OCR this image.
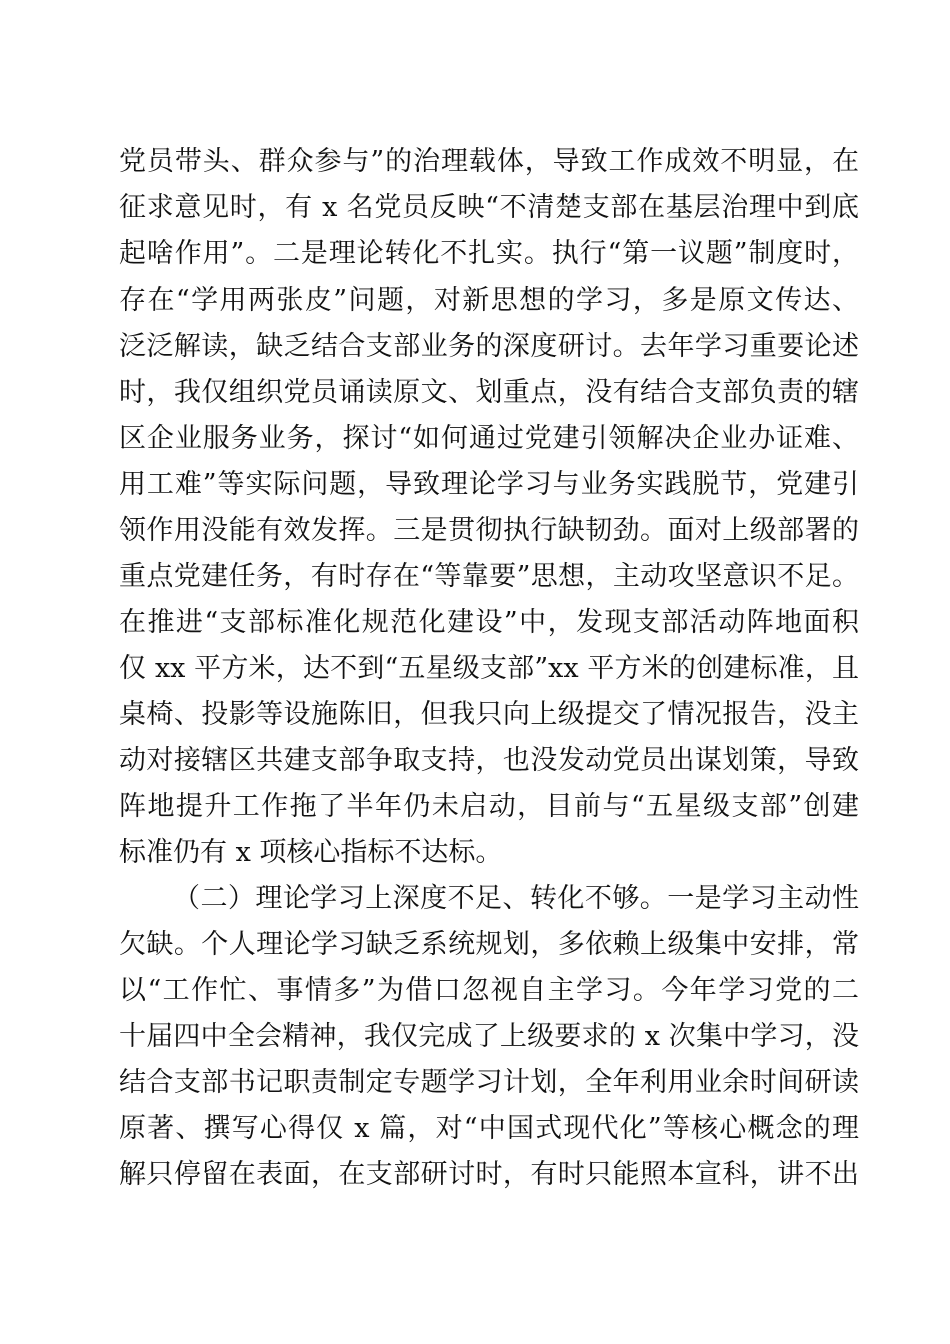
党员带头、群众参与”的治理载体，导致工作成效不明显，在
征求意见时，有 x 名党员反映“不清楚支部在基层治理中到底
起啥作用”。二是理论转化不扎实。执行“第一议题”制度时，
存在“学用两张皮”问题，对新思想的学习，多是原文传达、
泛泛解读，缺乏结合支部业务的深度研讨。去年学习重要论述
时，我仅组织党员诵读原文、划重点，没有结合支部负责的辖
区企业服务业务，探讨“如何通过党建引领解决企业办证难、
用工难”等实际问题，导致理论学习与业务实践脱节，党建引
领作用没能有效发挥。三是贯彻执行缺韧劲。面对上级部署的
重点党建任务，有时存在“等靠要”思想，主动攻坚意识不足。
在推进“支部标准化规范化建设”中，发现支部活动阵地面积
仅 xx 平方米，达不到“五星级支部”xx 平方米的创建标准，且
桌椅、投影等设施陈旧，但我只向上级提交了情况报告，没主
动对接辖区共建支部争取支持，也没发动党员出谋划策，导致
阵地提升工作拖了半年仍未启动，目前与“五星级支部”创建
标准仍有 x 项核心指标不达标。
（二）理论学习上深度不足、转化不够。一是学习主动性
欠缺。个人理论学习缺乏系统规划，多依赖上级集中安排，常
以“工作忙、事情多”为借口忽视自主学习。今年学习党的二
十届四中全会精神，我仅完成了上级要求的 x 次集中学习，没
结合支部书记职责制定专题学习计划，全年利用业余时间研读
原著、撰写心得仅 x 篇，对“中国式现代化”等核心概念的理
解只停留在表面，在支部研讨时，有时只能照本宣科，讲不出
